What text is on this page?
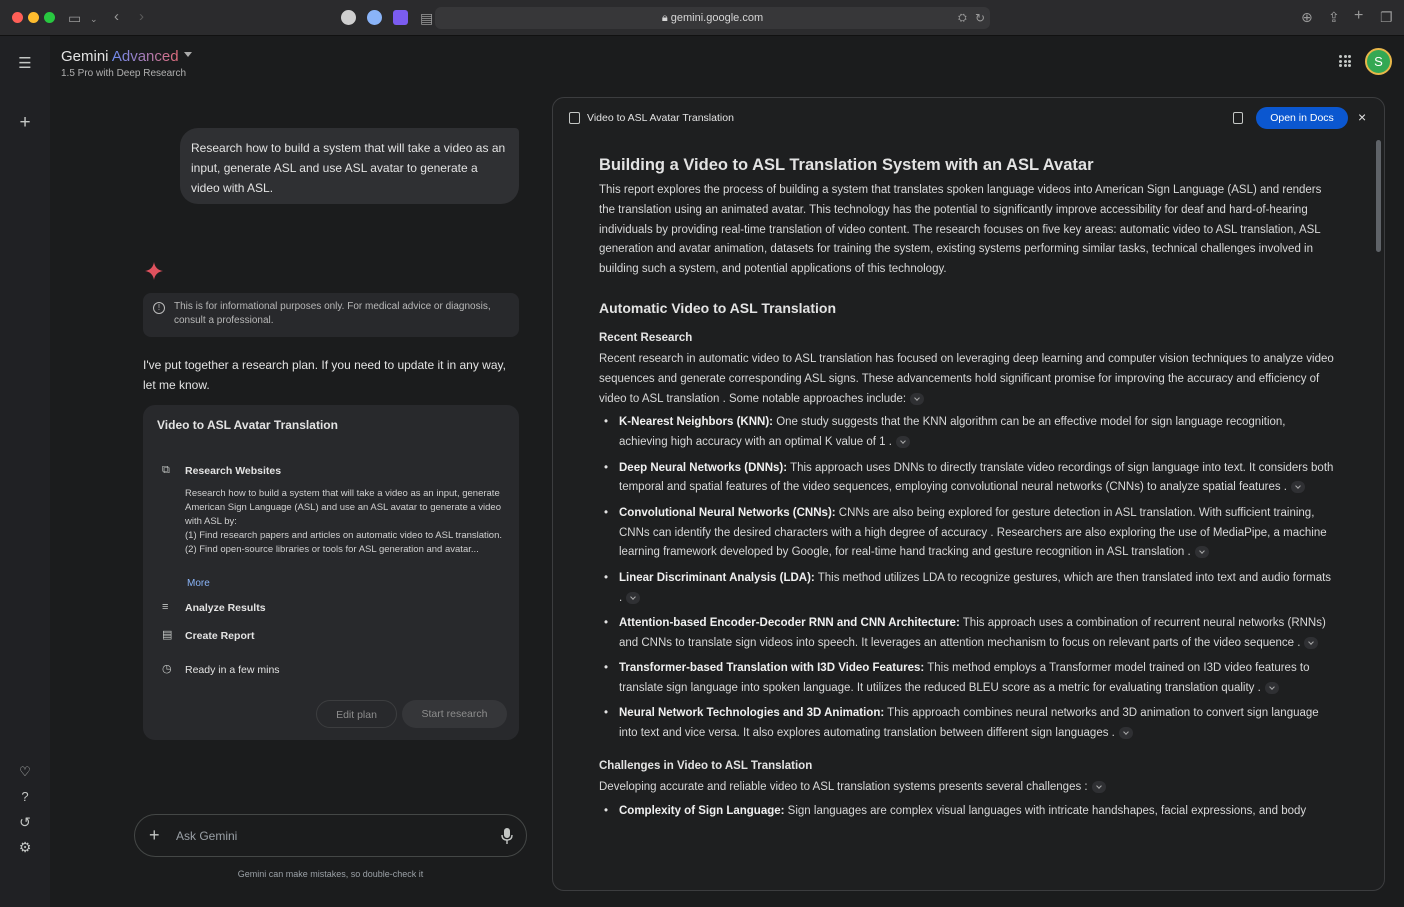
▭ ⌄ ‹ ›	▤	🔒︎ gemini.google.com	⛭ ↻	⊕ ⇪ + ❐
☰
+
♡
?
↺
⚙
Gemini Advanced
1.5 Pro with Deep Research
S
Research how to build a system that will take a video as an input, generate ASL and use ASL avatar to generate a video with ASL.
!	This is for informational purposes only. For medical advice or diagnosis, consult a professional.
I've put together a research plan. If you need to update it in any way, let me know.
Video to ASL Avatar Translation
⧉	Research Websites
Research how to build a system that will take a video as an input, generate American Sign Language (ASL) and use an ASL avatar to generate a video with ASL by:
(1) Find research papers and articles on automatic video to ASL translation.
(2) Find open-source libraries or tools for ASL generation and avatar...
More
≡	Analyze Results
▤ Create Report
◷ Ready in a few mins
Edit plan	Start research
+
Ask Gemini
Gemini can make mistakes, so double-check it
Video to ASL Avatar Translation	Open in Docs	×
Building a Video to ASL Translation System with an ASL Avatar

This report explores the process of building a system that translates spoken language videos into American Sign Language (ASL) and renders the translation using an animated avatar. This technology has the potential to significantly improve accessibility for deaf and hard-of-hearing individuals by providing real-time translation of video content. The research focuses on five key areas: automatic video to ASL translation, ASL generation and avatar animation, datasets for training the system, existing systems performing similar tasks, technical challenges involved in building such a system, and potential applications of this technology.

Automatic Video to ASL Translation
Recent Research

Recent research in automatic video to ASL translation has focused on leveraging deep learning and computer vision techniques to analyze video sequences and generate corresponding ASL signs. These advancements hold significant promise for improving the accuracy and efficiency of video to ASL translation . Some notable approaches include:

• K-Nearest Neighbors (KNN): One study suggests that the KNN algorithm can be an effective model for sign language recognition, achieving high accuracy with an optimal K value of 1 .
• Deep Neural Networks (DNNs): This approach uses DNNs to directly translate video recordings of sign language into text. It considers both temporal and spatial features of the video sequences, employing convolutional neural networks (CNNs) to analyze spatial features .
• Convolutional Neural Networks (CNNs): CNNs are also being explored for gesture detection in ASL translation. With sufficient training, CNNs can identify the desired characters with a high degree of accuracy . Researchers are also exploring the use of MediaPipe, a machine learning framework developed by Google, for real-time hand tracking and gesture recognition in ASL translation .
• Linear Discriminant Analysis (LDA): This method utilizes LDA to recognize gestures, which are then translated into text and audio formats .
• Attention-based Encoder-Decoder RNN and CNN Architecture: This approach uses a combination of recurrent neural networks (RNNs) and CNNs to translate sign videos into speech. It leverages an attention mechanism to focus on relevant parts of the video sequence .
• Transformer-based Translation with I3D Video Features: This method employs a Transformer model trained on I3D video features to translate sign language into spoken language. It utilizes the reduced BLEU score as a metric for evaluating translation quality .
• Neural Network Technologies and 3D Animation: This approach combines neural networks and 3D animation to convert sign language into text and vice versa. It also explores automating translation between different sign languages .
Challenges in Video to ASL Translation

Developing accurate and reliable video to ASL translation systems presents several challenges :

• Complexity of Sign Language: Sign languages are complex visual languages with intricate handshapes, facial expressions, and body
